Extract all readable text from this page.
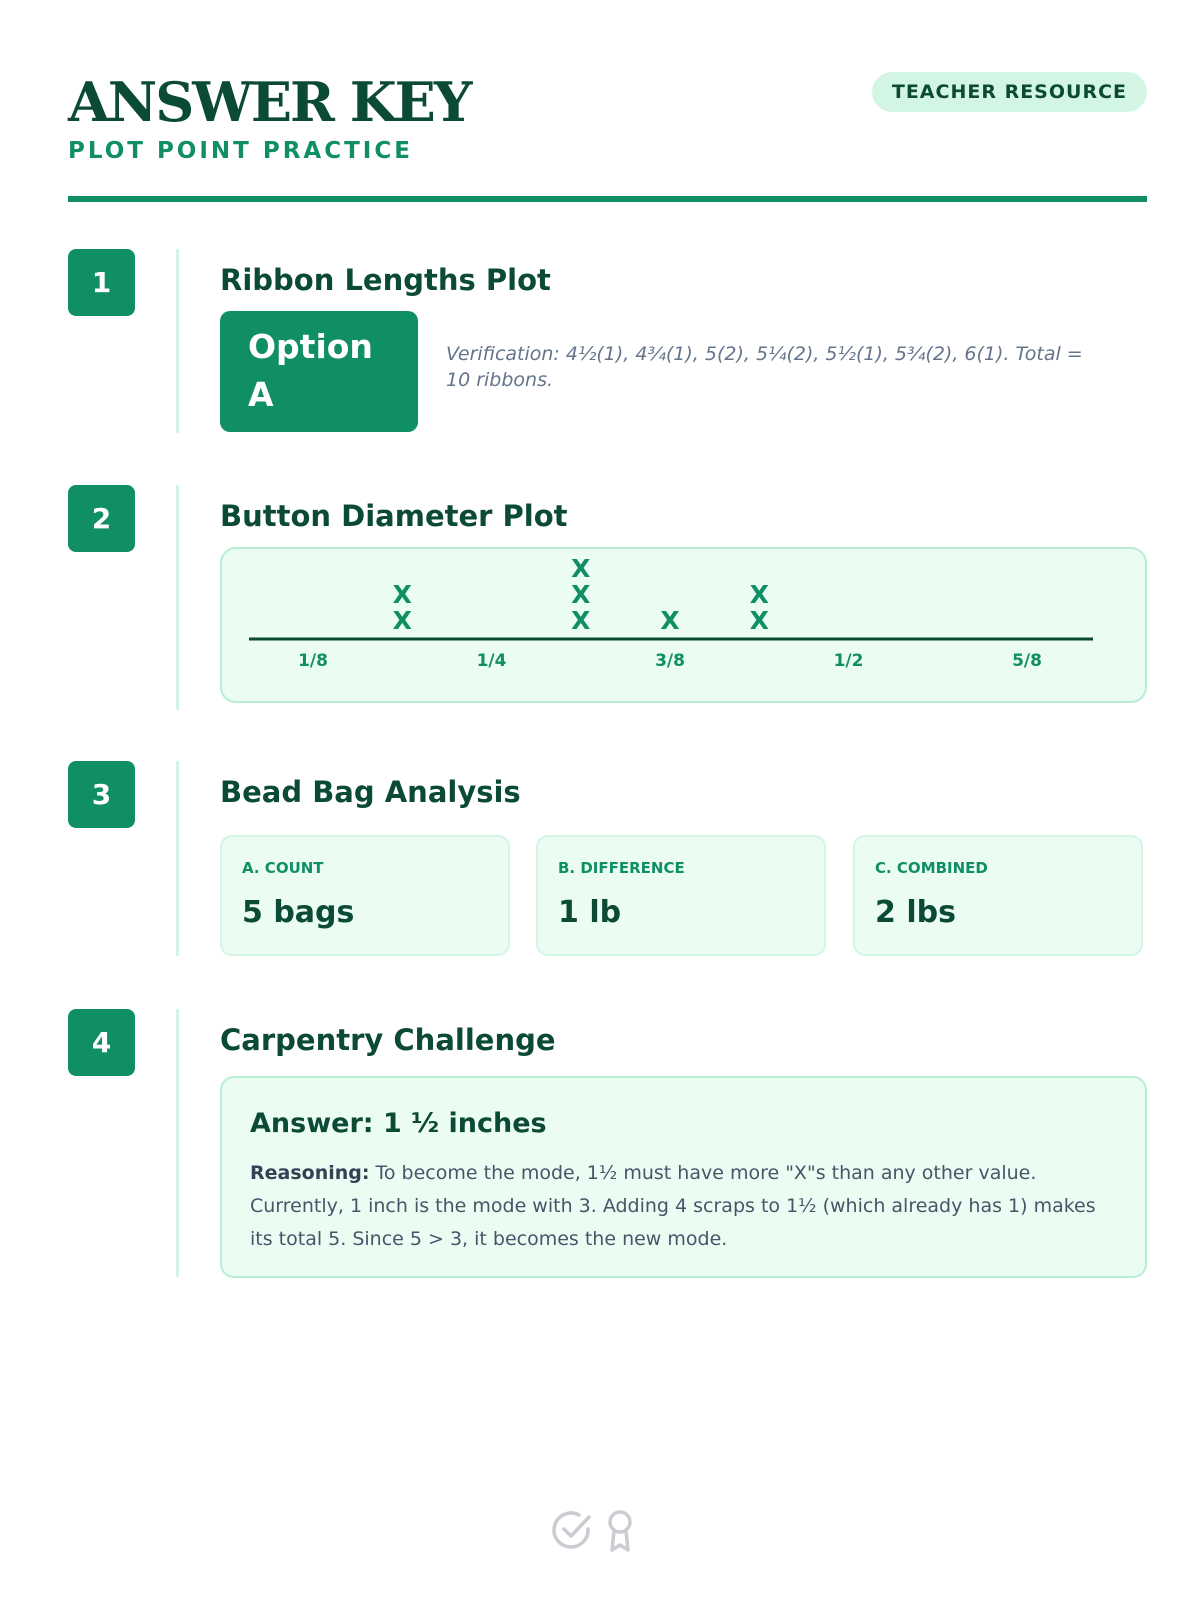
ANSWER KEY
PLOT POINT PRACTICE
TEACHER RESOURCE
1	Ribbon Lengths Plot
Option
A
Verification: 4½(1), 4¾(1), 5(2), 5¼(2), 5½(1), 5¾(2), 6(1). Total = 10 ribbons.
2	Button Diameter Plot
1/8	1/4	3/8	1/2	5/8
X
X
X
X
X
X	X
X
3	Bead Bag Analysis
A. COUNT
5 bags
B. DIFFERENCE
1 lb
C. COMBINED
2 lbs
4	Carpentry Challenge
Answer: 1 ½ inches
Reasoning: To become the mode, 1½ must have more "X"s than any other value. Currently, 1 inch is the mode with 3. Adding 4 scraps to 1½ (which already has 1) makes its total 5. Since 5 > 3, it becomes the new mode.
